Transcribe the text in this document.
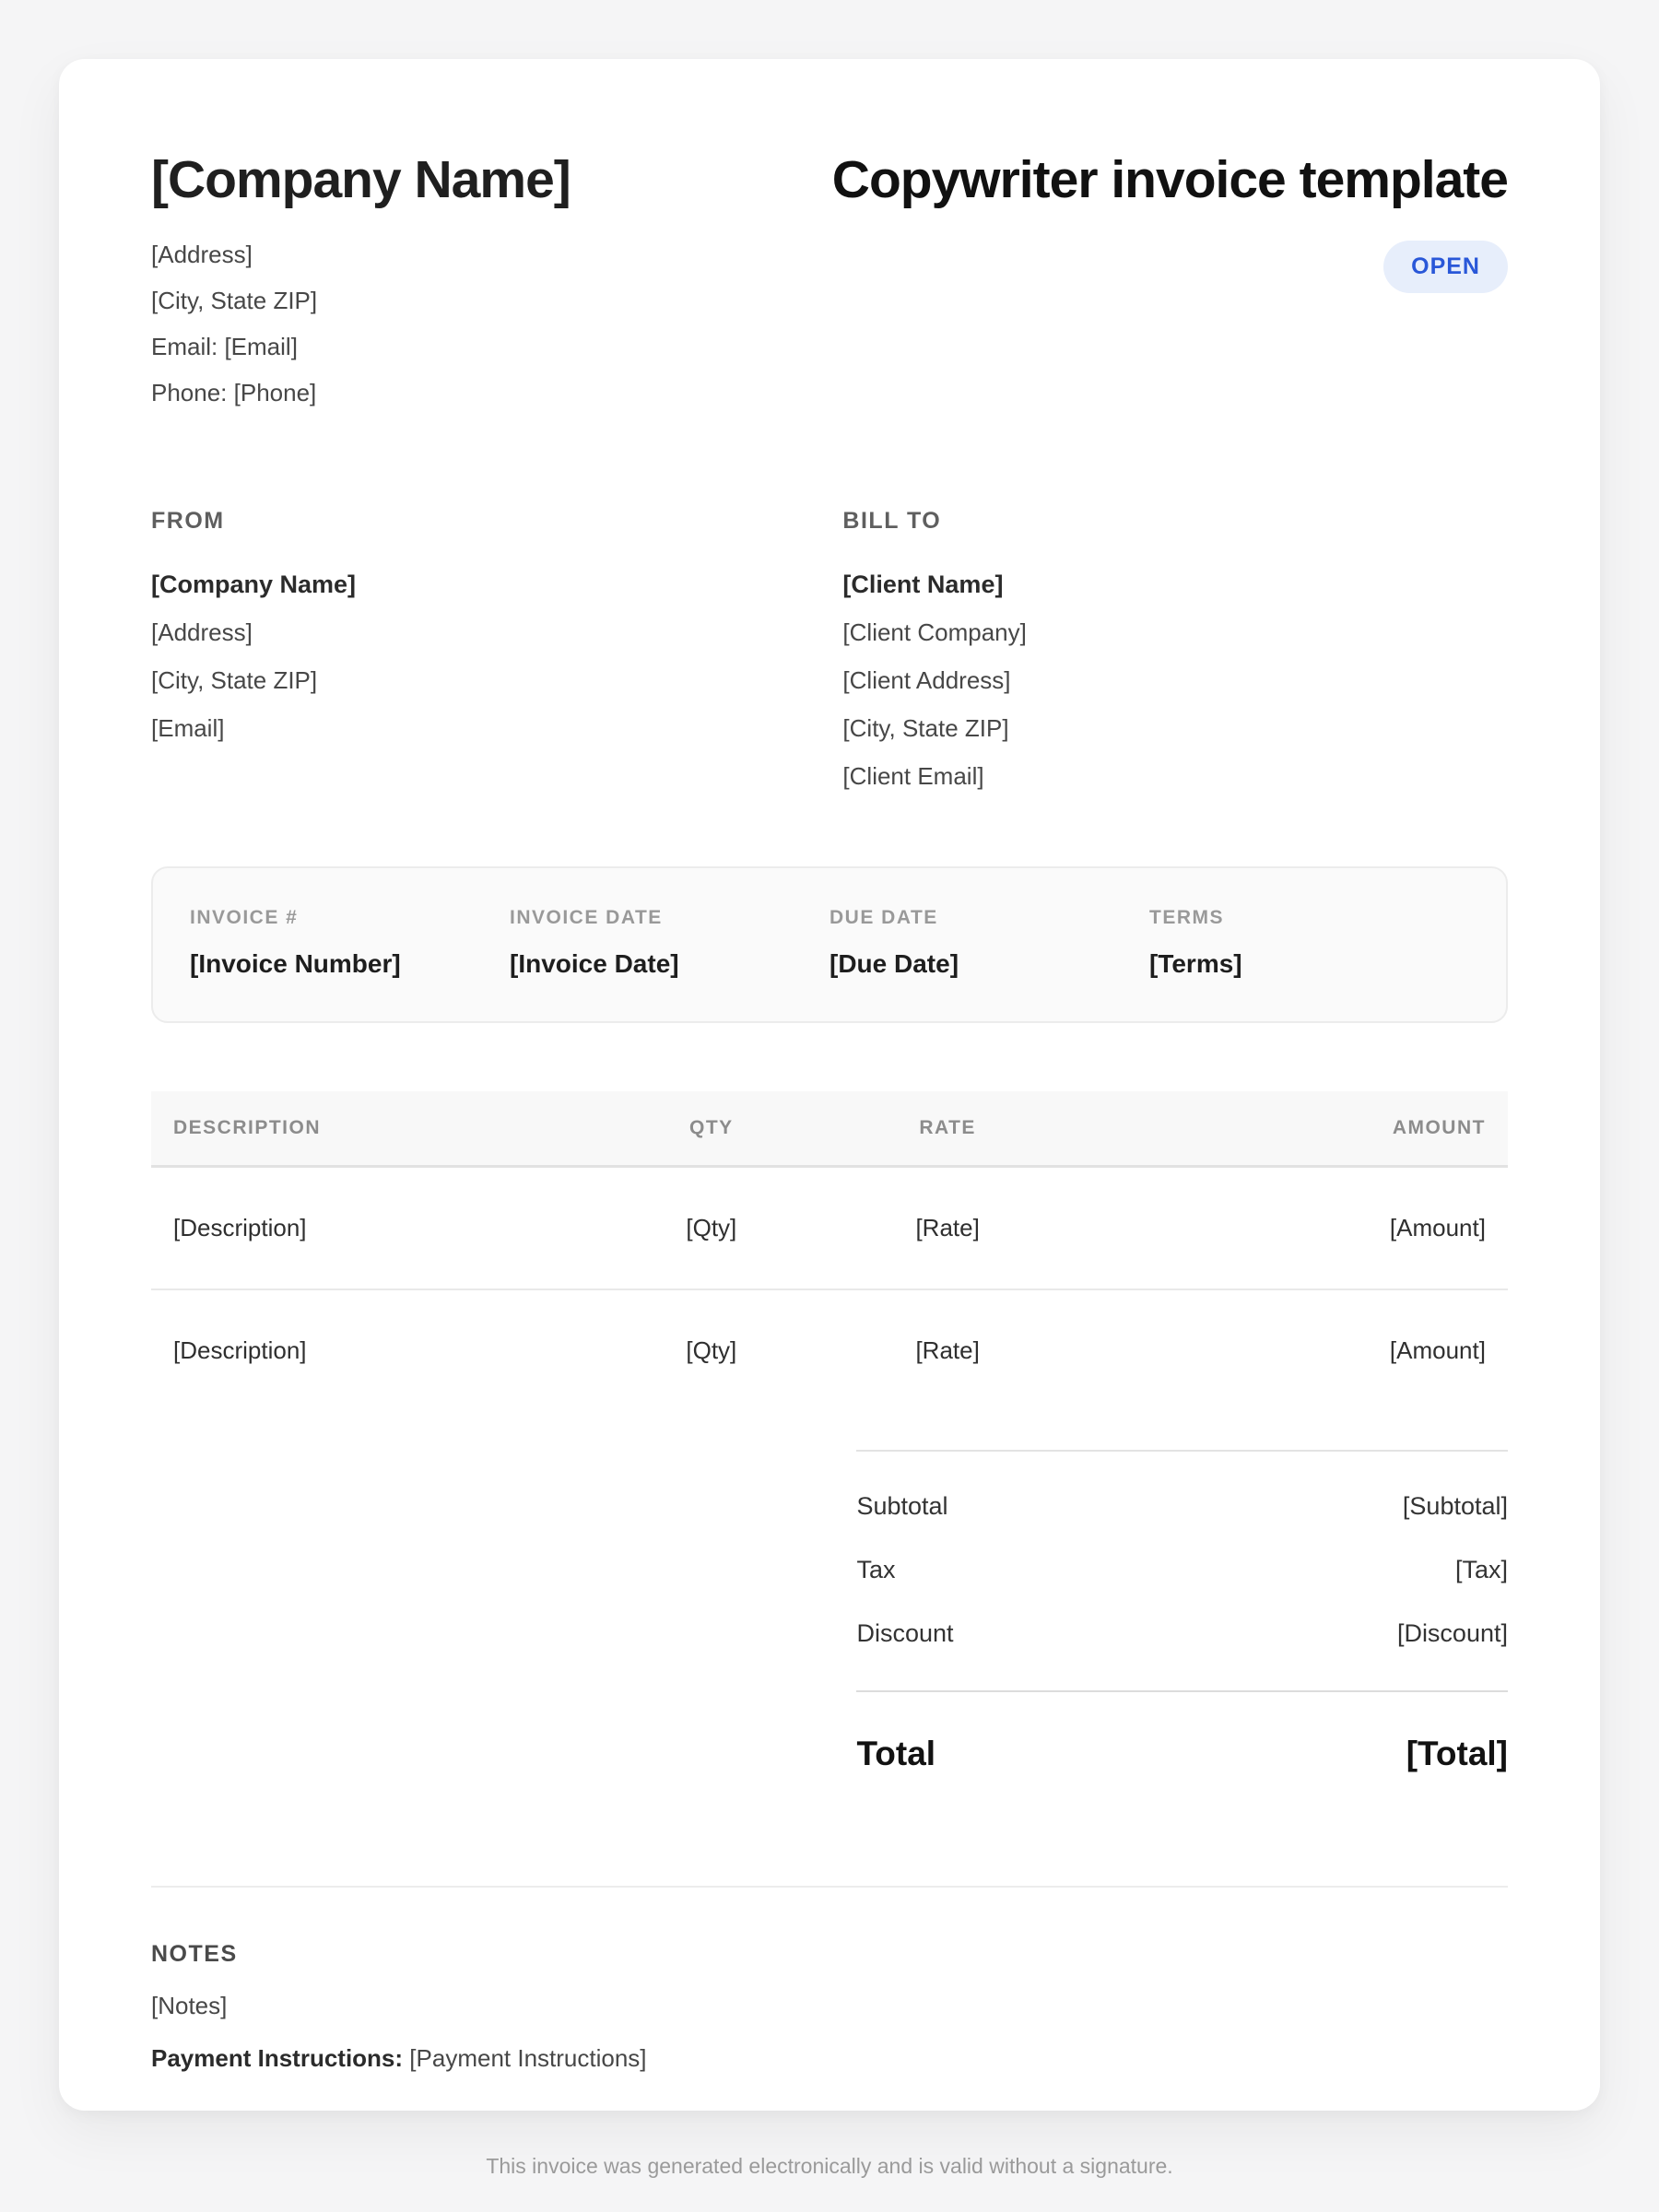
[Company Name]
[Address]
[City, State ZIP]
Email: [Email]
Phone: [Phone]
Copywriter invoice template
OPEN
FROM
[Company Name]
[Address]
[City, State ZIP]
[Email]
BILL TO
[Client Name]
[Client Company]
[Client Address]
[City, State ZIP]
[Client Email]
INVOICE #
[Invoice Number]
INVOICE DATE
[Invoice Date]
DUE DATE
[Due Date]
TERMS
[Terms]
DESCRIPTION	QTY	RATE	AMOUNT
[Description]	[Qty]	[Rate]	[Amount]
[Description]	[Qty]	[Rate]	[Amount]
Subtotal	[Subtotal]
Tax	[Tax]
Discount	[Discount]
Total	[Total]
NOTES
[Notes]
Payment Instructions: [Payment Instructions]
This invoice was generated electronically and is valid without a signature.
